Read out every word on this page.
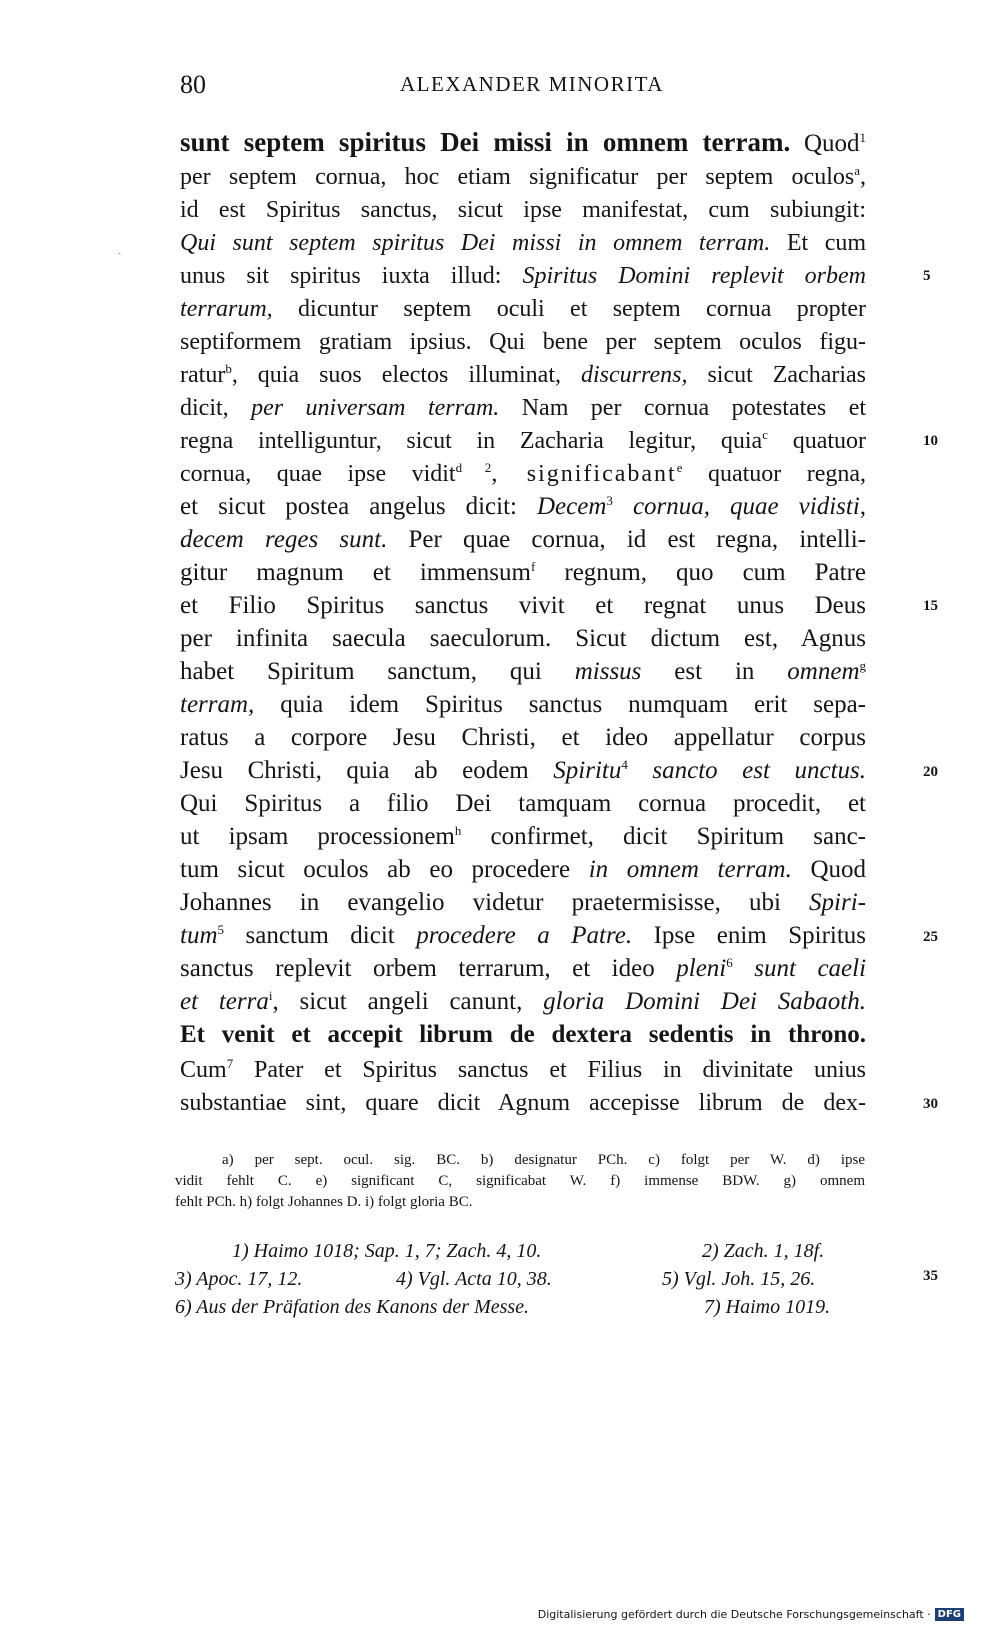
80	ALEXANDER MINORITA
ˎ
sunt septem spiritus Dei missi in omnem terram. Quod$^1$
per septem cornua, hoc etiam significatur per septem oculos$^a$,
id est Spiritus sanctus, sicut ipse manifestat, cum subiungit:
Qui sunt septem spiritus Dei missi in omnem terram. Et cum
unus sit spiritus iuxta illud: Spiritus Domini replevit orbem
terrarum, dicuntur septem oculi et septem cornua propter
septiformem gratiam ipsius. Qui bene per septem oculos figu-
ratur$^b$, quia suos electos illuminat, discurrens, sicut Zacharias
dicit, per universam terram. Nam per cornua potestates et
regna intelliguntur, sicut in Zacharia legitur, quia$^c$ quatuor
cornua, quae ipse vidit$^{d 2}$, significabant$^e$ quatuor regna,
et sicut postea angelus dicit: Decem$^3$ cornua, quae vidisti,
decem reges sunt. Per quae cornua, id est regna, intelli-
gitur magnum et immensum$^f$ regnum, quo cum Patre
et Filio Spiritus sanctus vivit et regnat unus Deus
per infinita saecula saeculorum. Sicut dictum est, Agnus
habet Spiritum sanctum, qui missus est in omnem$^g$
terram, quia idem Spiritus sanctus numquam erit sepa-
ratus a corpore Jesu Christi, et ideo appellatur corpus
Jesu Christi, quia ab eodem Spiritu$^4$ sancto est unctus.
Qui Spiritus a filio Dei tamquam cornua procedit, et
ut ipsam processionem$^h$ confirmet, dicit Spiritum sanc-
tum sicut oculos ab eo procedere in omnem terram. Quod
Johannes in evangelio videtur praetermisisse, ubi Spiri-
tum$^5$ sanctum dicit procedere a Patre. Ipse enim Spiritus
sanctus replevit orbem terrarum, et ideo pleni$^6$ sunt caeli
et terra$^i$, sicut angeli canunt, gloria Domini Dei Sabaoth.
Et venit et accepit librum de dextera sedentis in throno.
Cum$^7$ Pater et Spiritus sanctus et Filius in divinitate unius
substantiae sint, quare dicit Agnum accepisse librum de dex-
5
10
15
20
25
30
35
a) per sept. ocul. sig. BC. b) designatur PCh. c) folgt per W. d) ipse
vidit fehlt C. e) significant C, significabat W. f) immense BDW. g) omnem
fehlt PCh. h) folgt Johannes D. i) folgt gloria BC.
1) Haimo 1018; Sap. 1, 7; Zach. 4, 10.	2) Zach. 1, 18f.
3) Apoc. 17, 12.	4) Vgl. Acta 10, 38.	5) Vgl. Joh. 15, 26.
6) Aus der Präfation des Kanons der Messe.	7) Haimo 1019.
Digitalisierung gefördert durch die Deutsche Forschungsgemeinschaft · DFG
